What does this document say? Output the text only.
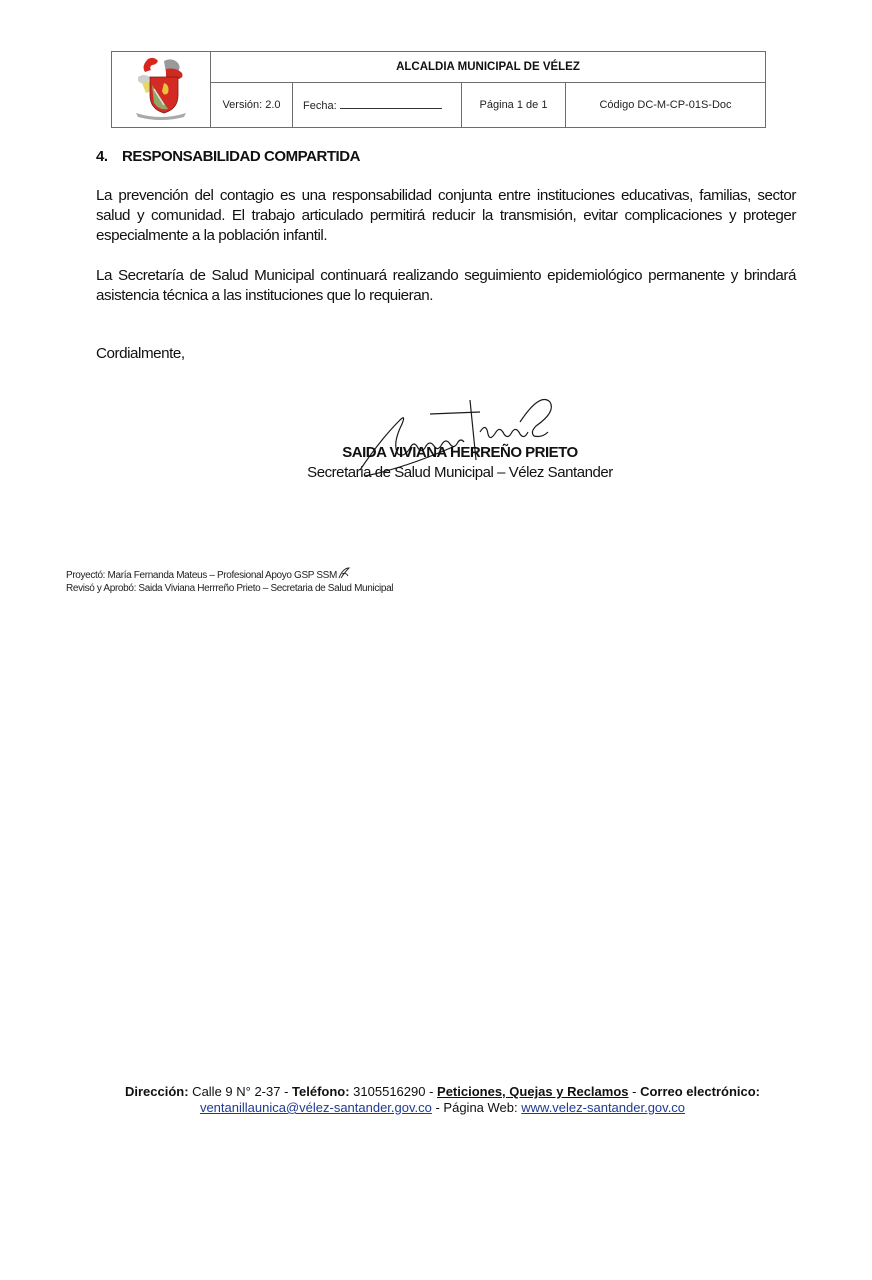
	ALCALDIA MUNICIPAL DE VÉLEZ			
	Versión: 2.0	Fecha:	Página 1 de 1	Código DC-M-CP-01S-Doc
4. RESPONSABILIDAD COMPARTIDA
La prevención del contagio es una responsabilidad conjunta entre instituciones educativas, familias, sector salud y comunidad. El trabajo articulado permitirá reducir la transmisión, evitar complicaciones y proteger especialmente a la población infantil.
La Secretaría de Salud Municipal continuará realizando seguimiento epidemiológico permanente y brindará asistencia técnica a las instituciones que lo requieran.
Cordialmente,
SAIDA VIVIANA HERREÑO PRIETO
Secretaria de Salud Municipal – Vélez Santander
Proyectó: María Fernanda Mateus – Profesional Apoyo GSP SSM
Revisó y Aprobó: Saida Viviana Herrreño Prieto – Secretaria de Salud Municipal
Dirección: Calle 9 N° 2-37 - Teléfono: 3105516290 - Peticiones, Quejas y Reclamos - Correo electrónico:
ventanillaunica@vélez-santander.gov.co - Página Web: www.velez-santander.gov.co
